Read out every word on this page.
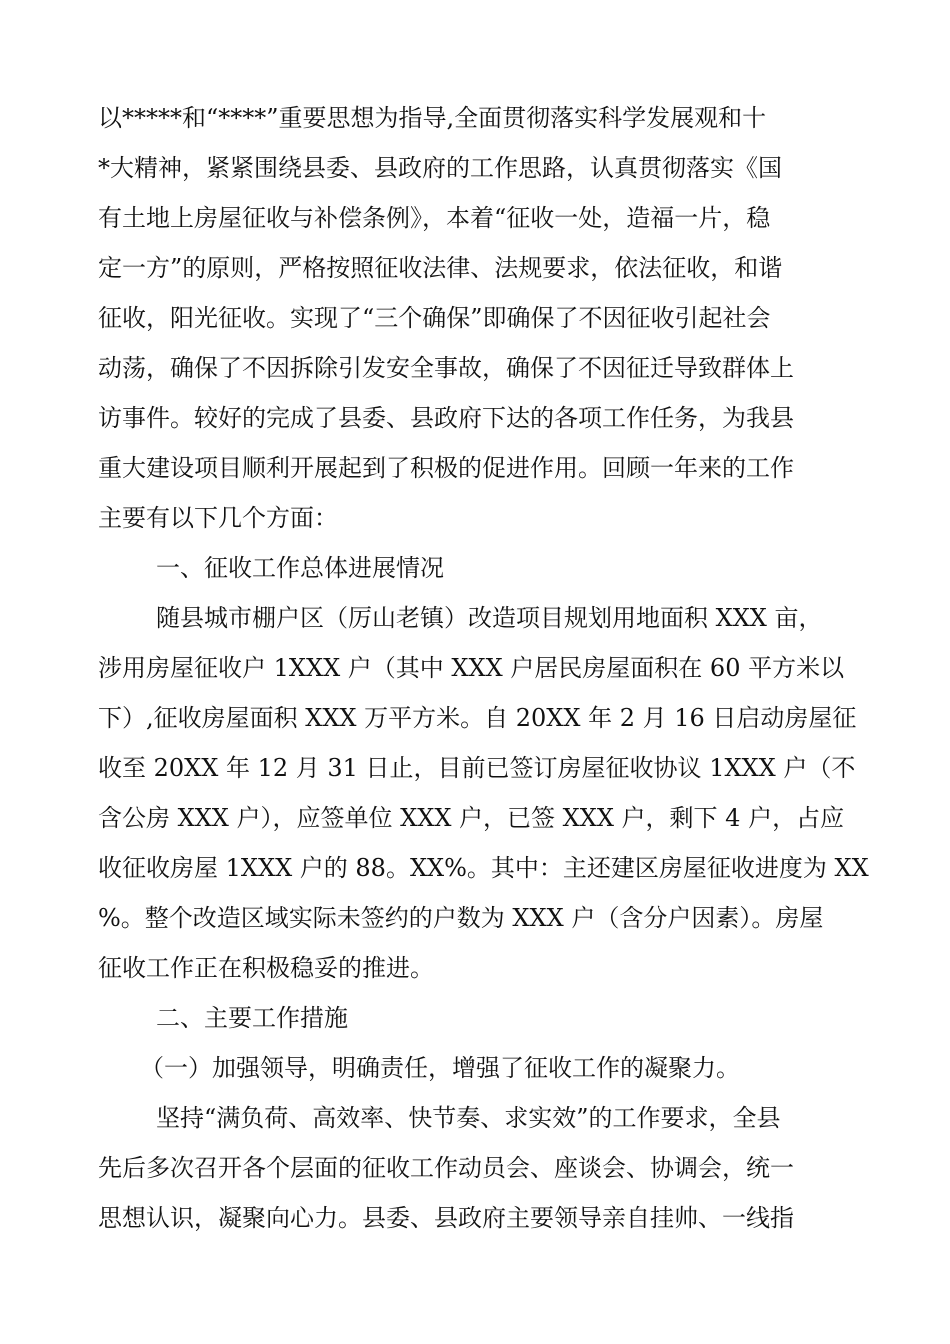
以*****和“****”重要思想为指导,全面贯彻落实科学发展观和十
*大精神，紧紧围绕县委、县政府的工作思路，认真贯彻落实《国
有土地上房屋征收与补偿条例》，本着“征收一处，造福一片，稳
定一方”的原则，严格按照征收法律、法规要求，依法征收，和谐
征收，阳光征收。实现了“三个确保”即确保了不因征收引起社会
动荡，确保了不因拆除引发安全事故，确保了不因征迁导致群体上
访事件。较好的完成了县委、县政府下达的各项工作任务，为我县
重大建设项目顺利开展起到了积极的促进作用。回顾一年来的工作
主要有以下几个方面：
一、征收工作总体进展情况
随县城市棚户区（厉山老镇）改造项目规划用地面积 XXX 亩，
涉用房屋征收户 1XXX 户（其中 XXX 户居民房屋面积在 60 平方米以
下）,征收房屋面积 XXX 万平方米。自 20XX 年 2 月 16 日启动房屋征
收至 20XX 年 12 月 31 日止，目前已签订房屋征收协议 1XXX 户（不
含公房 XXX 户），应签单位 XXX 户，已签 XXX 户，剩下 4 户，占应
收征收房屋 1XXX 户的 88。XX%。其中：主还建区房屋征收进度为 XX
%。整个改造区域实际未签约的户数为 XXX 户（含分户因素）。房屋
征收工作正在积极稳妥的推进。
二、主要工作措施
（一）加强领导，明确责任，增强了征收工作的凝聚力。
坚持“满负荷、高效率、快节奏、求实效”的工作要求，全县
先后多次召开各个层面的征收工作动员会、座谈会、协调会，统一
思想认识，凝聚向心力。县委、县政府主要领导亲自挂帅、一线指
